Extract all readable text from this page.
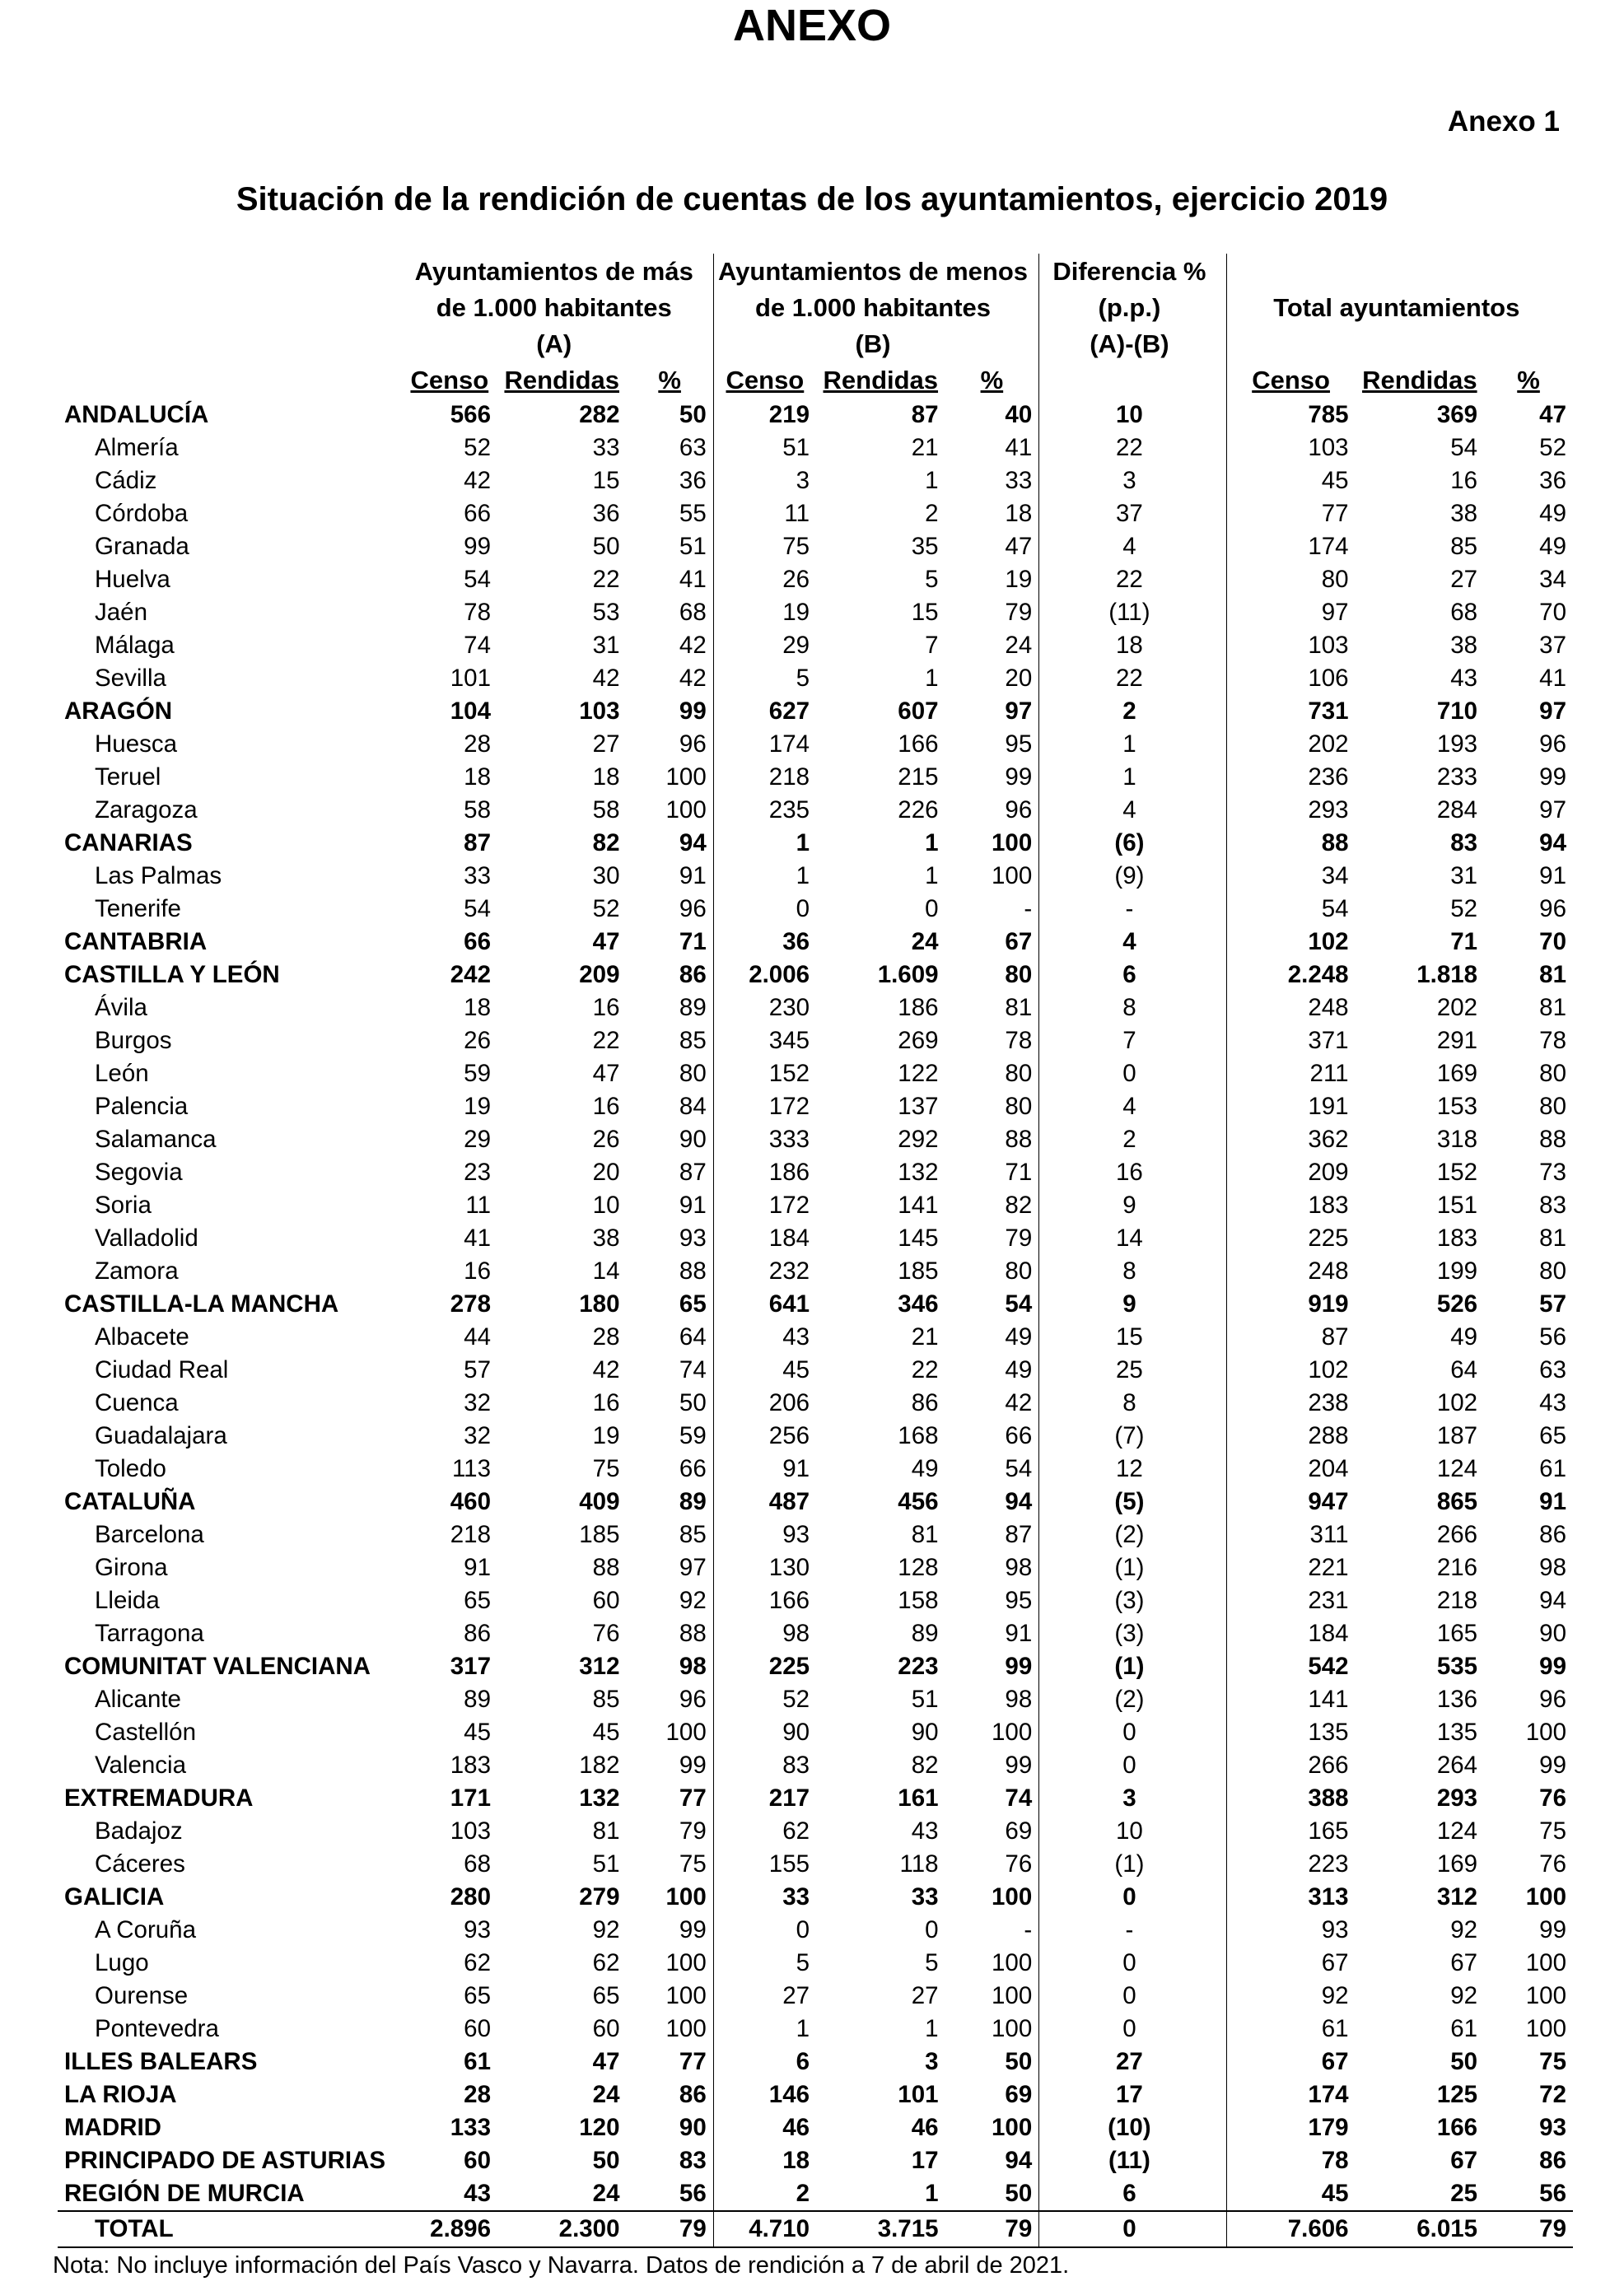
ANEXO
Anexo 1
Situación de la rendición de cuentas de los ayuntamientos, ejercicio 2019
	Ayuntamientos de más			Ayuntamientos de menos			Diferencia %			
	de 1.000 habitantes			de 1.000 habitantes			(p.p.)	Total ayuntamientos		
	(A)			(B)			(A)-(B)			
	Censo	Rendidas	%	Censo	Rendidas	%		Censo	Rendidas	%
ANDALUCÍA	566	282	50	219	87	40	10	785	369	47
Almería	52	33	63	51	21	41	22	103	54	52
Cádiz	42	15	36	3	1	33	3	45	16	36
Córdoba	66	36	55	11	2	18	37	77	38	49
Granada	99	50	51	75	35	47	4	174	85	49
Huelva	54	22	41	26	5	19	22	80	27	34
Jaén	78	53	68	19	15	79	(11)	97	68	70
Málaga	74	31	42	29	7	24	18	103	38	37
Sevilla	101	42	42	5	1	20	22	106	43	41
ARAGÓN	104	103	99	627	607	97	2	731	710	97
Huesca	28	27	96	174	166	95	1	202	193	96
Teruel	18	18	100	218	215	99	1	236	233	99
Zaragoza	58	58	100	235	226	96	4	293	284	97
CANARIAS	87	82	94	1	1	100	(6)	88	83	94
Las Palmas	33	30	91	1	1	100	(9)	34	31	91
Tenerife	54	52	96	0	0	-	-	54	52	96
CANTABRIA	66	47	71	36	24	67	4	102	71	70
CASTILLA Y LEÓN	242	209	86	2.006	1.609	80	6	2.248	1.818	81
Ávila	18	16	89	230	186	81	8	248	202	81
Burgos	26	22	85	345	269	78	7	371	291	78
León	59	47	80	152	122	80	0	211	169	80
Palencia	19	16	84	172	137	80	4	191	153	80
Salamanca	29	26	90	333	292	88	2	362	318	88
Segovia	23	20	87	186	132	71	16	209	152	73
Soria	11	10	91	172	141	82	9	183	151	83
Valladolid	41	38	93	184	145	79	14	225	183	81
Zamora	16	14	88	232	185	80	8	248	199	80
CASTILLA-LA MANCHA	278	180	65	641	346	54	9	919	526	57
Albacete	44	28	64	43	21	49	15	87	49	56
Ciudad Real	57	42	74	45	22	49	25	102	64	63
Cuenca	32	16	50	206	86	42	8	238	102	43
Guadalajara	32	19	59	256	168	66	(7)	288	187	65
Toledo	113	75	66	91	49	54	12	204	124	61
CATALUÑA	460	409	89	487	456	94	(5)	947	865	91
Barcelona	218	185	85	93	81	87	(2)	311	266	86
Girona	91	88	97	130	128	98	(1)	221	216	98
Lleida	65	60	92	166	158	95	(3)	231	218	94
Tarragona	86	76	88	98	89	91	(3)	184	165	90
COMUNITAT VALENCIANA	317	312	98	225	223	99	(1)	542	535	99
Alicante	89	85	96	52	51	98	(2)	141	136	96
Castellón	45	45	100	90	90	100	0	135	135	100
Valencia	183	182	99	83	82	99	0	266	264	99
EXTREMADURA	171	132	77	217	161	74	3	388	293	76
Badajoz	103	81	79	62	43	69	10	165	124	75
Cáceres	68	51	75	155	118	76	(1)	223	169	76
GALICIA	280	279	100	33	33	100	0	313	312	100
A Coruña	93	92	99	0	0	-	-	93	92	99
Lugo	62	62	100	5	5	100	0	67	67	100
Ourense	65	65	100	27	27	100	0	92	92	100
Pontevedra	60	60	100	1	1	100	0	61	61	100
ILLES BALEARS	61	47	77	6	3	50	27	67	50	75
LA RIOJA	28	24	86	146	101	69	17	174	125	72
MADRID	133	120	90	46	46	100	(10)	179	166	93
PRINCIPADO DE ASTURIAS	60	50	83	18	17	94	(11)	78	67	86
REGIÓN DE MURCIA	43	24	56	2	1	50	6	45	25	56
TOTAL	2.896	2.300	79	4.710	3.715	79	0	7.606	6.015	79
Nota: No incluye información del País Vasco y Navarra. Datos de rendición a 7 de abril de 2021.
